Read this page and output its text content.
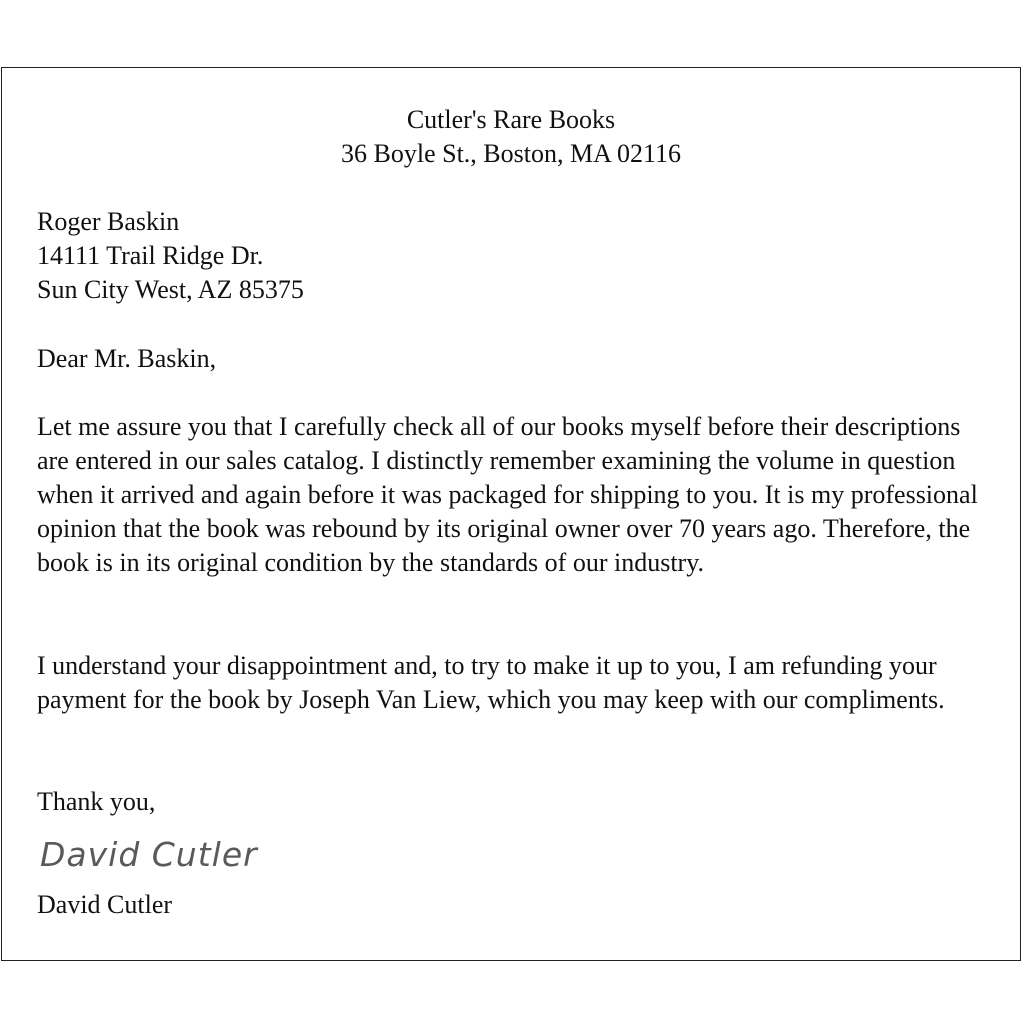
Cutler's Rare Books
36 Boyle St., Boston, MA 02116
Roger Baskin
14111 Trail Ridge Dr.
Sun City West, AZ 85375
Dear Mr. Baskin,
Let me assure you that I carefully check all of our books myself before their descriptions are entered in our sales catalog. I distinctly remember examining the volume in question when it arrived and again before it was packaged for shipping to you. It is my professional opinion that the book was rebound by its original owner over 70 years ago. Therefore, the book is in its original condition by the standards of our industry.
I understand your disappointment and, to try to make it up to you, I am refunding your payment for the book by Joseph Van Liew, which you may keep with our compliments.
Thank you,
David Cutler
David Cutler
